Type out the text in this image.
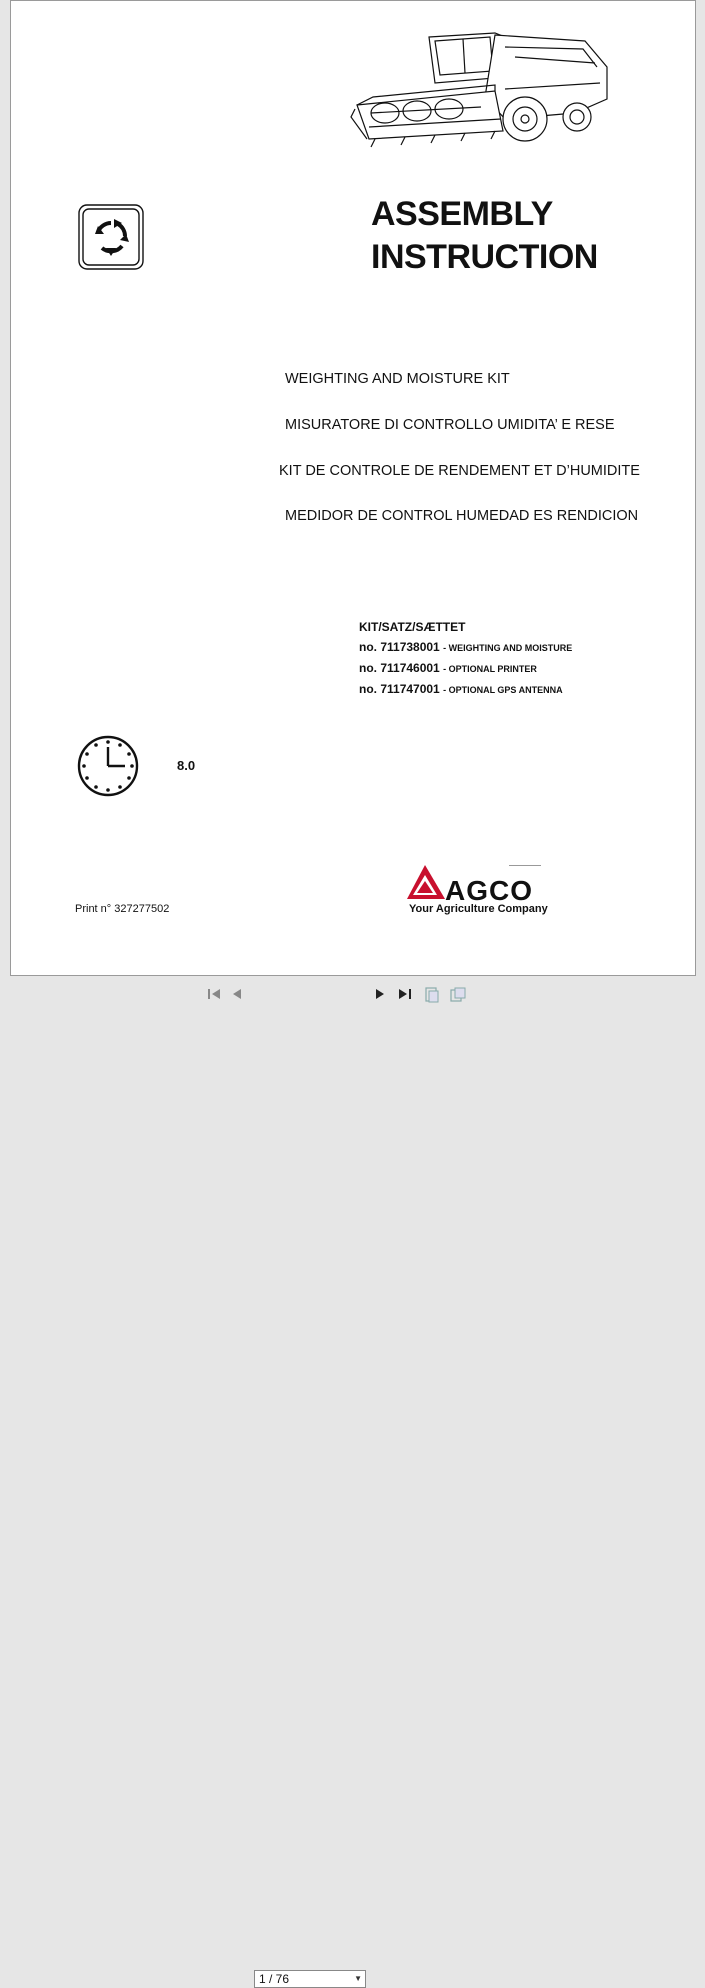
ASSEMBLY
INSTRUCTION
WEIGHTING AND MOISTURE KIT
MISURATORE DI CONTROLLO UMIDITA’ E RESE
KIT DE CONTROLE DE RENDEMENT ET D’HUMIDITE
MEDIDOR DE CONTROL HUMEDAD ES RENDICION
KIT/SATZ/SÆTTET
no. 711738001 - WEIGHTING AND MOISTURE
no. 711746001 - OPTIONAL PRINTER
no. 711747001 - OPTIONAL GPS ANTENNA
8.0
Print n° 327277502
AGCO
Your Agriculture Company
1 / 76	▼
